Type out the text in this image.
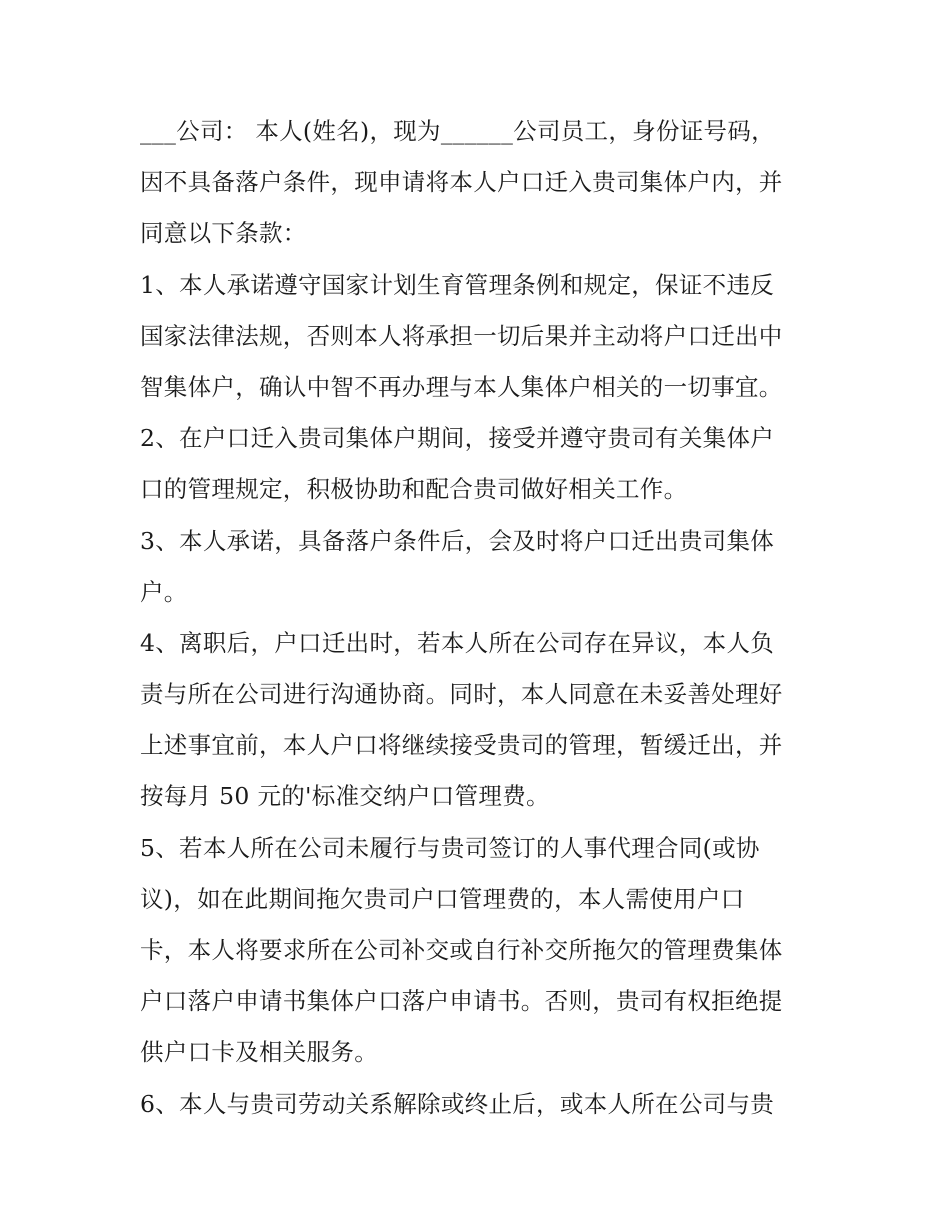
___公司： 本人(姓名)，现为______公司员工，身份证号码，
因不具备落户条件，现申请将本人户口迁入贵司集体户内，并
同意以下条款：
1、本人承诺遵守国家计划生育管理条例和规定，保证不违反
国家法律法规，否则本人将承担一切后果并主动将户口迁出中
智集体户，确认中智不再办理与本人集体户相关的一切事宜。
2、在户口迁入贵司集体户期间，接受并遵守贵司有关集体户
口的管理规定，积极协助和配合贵司做好相关工作。
3、本人承诺，具备落户条件后，会及时将户口迁出贵司集体
户。
4、离职后，户口迁出时，若本人所在公司存在异议，本人负
责与所在公司进行沟通协商。同时，本人同意在未妥善处理好
上述事宜前，本人户口将继续接受贵司的管理，暂缓迁出，并
按每月 50 元的'标准交纳户口管理费。
5、若本人所在公司未履行与贵司签订的人事代理合同(或协
议)，如在此期间拖欠贵司户口管理费的，本人需使用户口
卡，本人将要求所在公司补交或自行补交所拖欠的管理费集体
户口落户申请书集体户口落户申请书。否则，贵司有权拒绝提
供户口卡及相关服务。
6、本人与贵司劳动关系解除或终止后，或本人所在公司与贵
